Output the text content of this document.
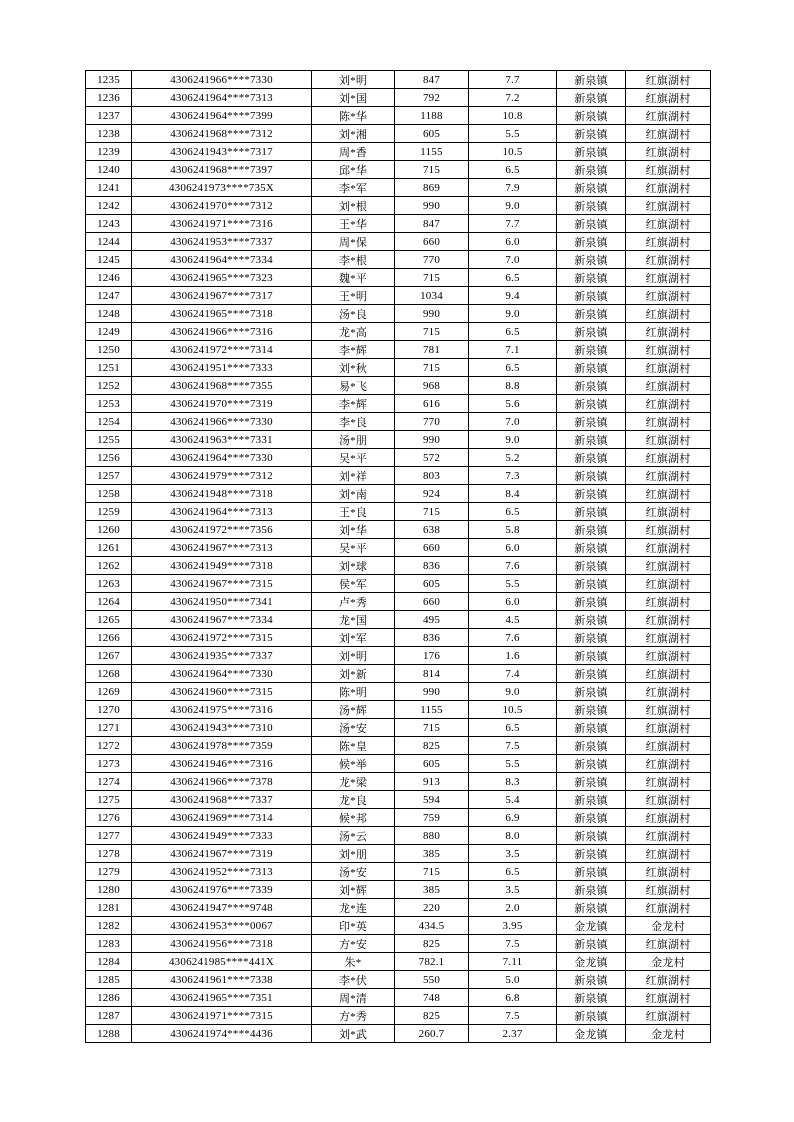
1235	4306241966****7330	刘*明	847	7.7	新泉镇	红旗湖村
1236	4306241964****7313	刘*国	792	7.2	新泉镇	红旗湖村
1237	4306241964****7399	陈*华	1188	10.8	新泉镇	红旗湖村
1238	4306241968****7312	刘*湘	605	5.5	新泉镇	红旗湖村
1239	4306241943****7317	周*香	1155	10.5	新泉镇	红旗湖村
1240	4306241968****7397	邱*华	715	6.5	新泉镇	红旗湖村
1241	4306241973****735X	李*军	869	7.9	新泉镇	红旗湖村
1242	4306241970****7312	刘*根	990	9.0	新泉镇	红旗湖村
1243	4306241971****7316	王*华	847	7.7	新泉镇	红旗湖村
1244	4306241953****7337	周*保	660	6.0	新泉镇	红旗湖村
1245	4306241964****7334	李*根	770	7.0	新泉镇	红旗湖村
1246	4306241965****7323	魏*平	715	6.5	新泉镇	红旗湖村
1247	4306241967****7317	王*明	1034	9.4	新泉镇	红旗湖村
1248	4306241965****7318	汤*良	990	9.0	新泉镇	红旗湖村
1249	4306241966****7316	龙*高	715	6.5	新泉镇	红旗湖村
1250	4306241972****7314	李*辉	781	7.1	新泉镇	红旗湖村
1251	4306241951****7333	刘*秋	715	6.5	新泉镇	红旗湖村
1252	4306241968****7355	易*飞	968	8.8	新泉镇	红旗湖村
1253	4306241970****7319	李*辉	616	5.6	新泉镇	红旗湖村
1254	4306241966****7330	李*良	770	7.0	新泉镇	红旗湖村
1255	4306241963****7331	汤*朋	990	9.0	新泉镇	红旗湖村
1256	4306241964****7330	吴*平	572	5.2	新泉镇	红旗湖村
1257	4306241979****7312	刘*祥	803	7.3	新泉镇	红旗湖村
1258	4306241948****7318	刘*南	924	8.4	新泉镇	红旗湖村
1259	4306241964****7313	王*良	715	6.5	新泉镇	红旗湖村
1260	4306241972****7356	刘*华	638	5.8	新泉镇	红旗湖村
1261	4306241967****7313	吴*平	660	6.0	新泉镇	红旗湖村
1262	4306241949****7318	刘*球	836	7.6	新泉镇	红旗湖村
1263	4306241967****7315	侯*军	605	5.5	新泉镇	红旗湖村
1264	4306241950****7341	卢*秀	660	6.0	新泉镇	红旗湖村
1265	4306241967****7334	龙*国	495	4.5	新泉镇	红旗湖村
1266	4306241972****7315	刘*军	836	7.6	新泉镇	红旗湖村
1267	4306241935****7337	刘*明	176	1.6	新泉镇	红旗湖村
1268	4306241964****7330	刘*新	814	7.4	新泉镇	红旗湖村
1269	4306241960****7315	陈*明	990	9.0	新泉镇	红旗湖村
1270	4306241975****7316	汤*辉	1155	10.5	新泉镇	红旗湖村
1271	4306241943****7310	汤*安	715	6.5	新泉镇	红旗湖村
1272	4306241978****7359	陈*皇	825	7.5	新泉镇	红旗湖村
1273	4306241946****7316	候*举	605	5.5	新泉镇	红旗湖村
1274	4306241966****7378	龙*梁	913	8.3	新泉镇	红旗湖村
1275	4306241968****7337	龙*良	594	5.4	新泉镇	红旗湖村
1276	4306241969****7314	候*邦	759	6.9	新泉镇	红旗湖村
1277	4306241949****7333	汤*云	880	8.0	新泉镇	红旗湖村
1278	4306241967****7319	刘*朋	385	3.5	新泉镇	红旗湖村
1279	4306241952****7313	汤*安	715	6.5	新泉镇	红旗湖村
1280	4306241976****7339	刘*辉	385	3.5	新泉镇	红旗湖村
1281	4306241947****9748	龙*连	220	2.0	新泉镇	红旗湖村
1282	4306241953****0067	印*英	434.5	3.95	金龙镇	金龙村
1283	4306241956****7318	方*安	825	7.5	新泉镇	红旗湖村
1284	4306241985****441X	朱*	782.1	7.11	金龙镇	金龙村
1285	4306241961****7338	李*伏	550	5.0	新泉镇	红旗湖村
1286	4306241965****7351	周*清	748	6.8	新泉镇	红旗湖村
1287	4306241971****7315	方*秀	825	7.5	新泉镇	红旗湖村
1288	4306241974****4436	刘*武	260.7	2.37	金龙镇	金龙村
